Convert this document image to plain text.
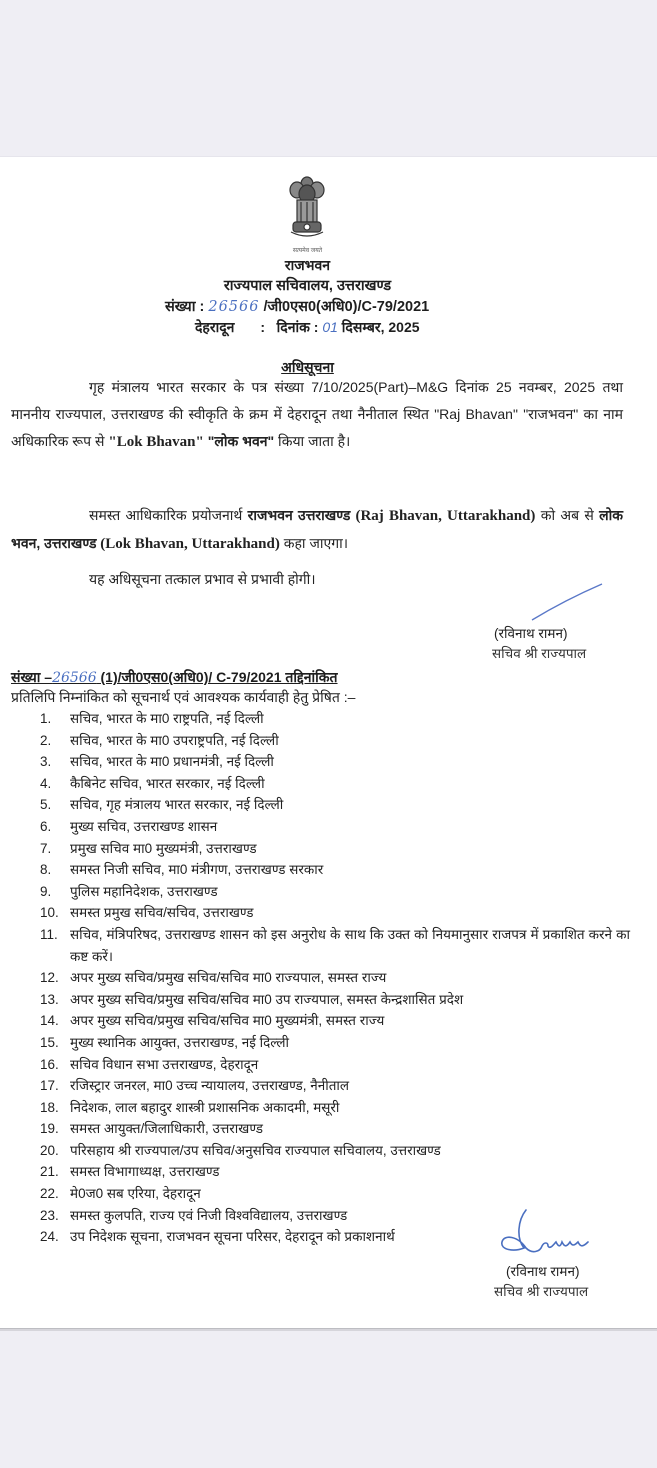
सत्यमेव जयते
राजभवन
राज्यपाल सचिवालय, उत्तराखण्ड
संख्या : 26566 /जी0एस0(अधि0)/C-79/2021
देहरादून : दिनांक : 01 दिसम्बर, 2025
अधिसूचना
गृह मंत्रालय भारत सरकार के पत्र संख्या 7/10/2025(Part)–M&G दिनांक 25 नवम्बर, 2025 तथा माननीय राज्यपाल, उत्तराखण्ड की स्वीकृति के क्रम में देहरादून तथा नैनीताल स्थित "Raj Bhavan" "राजभवन" का नाम अधिकारिक रूप से "Lok Bhavan" "लोक भवन" किया जाता है।
समस्त आधिकारिक प्रयोजनार्थ राजभवन उत्तराखण्ड (Raj Bhavan, Uttarakhand) को अब से लोक भवन, उत्तराखण्ड (Lok Bhavan, Uttarakhand) कहा जाएगा।
यह अधिसूचना तत्काल प्रभाव से प्रभावी होगी।
(रविनाथ रामन)
सचिव श्री राज्यपाल
संख्या –26566 (1)/जी0एस0(अधि0)/ C-79/2021 तद्दिनांकित
प्रतिलिपि निम्नांकित को सूचनार्थ एवं आवश्यक कार्यवाही हेतु प्रेषित :–
1.	सचिव, भारत के मा0 राष्ट्रपति, नई दिल्ली
2.	सचिव, भारत के मा0 उपराष्ट्रपति, नई दिल्ली
3.	सचिव, भारत के मा0 प्रधानमंत्री, नई दिल्ली
4.	कैबिनेट सचिव, भारत सरकार, नई दिल्ली
5.	सचिव, गृह मंत्रालय भारत सरकार, नई दिल्ली
6.	मुख्य सचिव, उत्तराखण्ड शासन
7.	प्रमुख सचिव मा0 मुख्यमंत्री, उत्तराखण्ड
8.	समस्त निजी सचिव, मा0 मंत्रीगण, उत्तराखण्ड सरकार
9.	पुलिस महानिदेशक, उत्तराखण्ड
10. समस्त प्रमुख सचिव/सचिव, उत्तराखण्ड
11. सचिव, मंत्रिपरिषद, उत्तराखण्ड शासन को इस अनुरोध के साथ कि उक्त को नियमानुसार राजपत्र में प्रकाशित करने का कष्ट करें।
12. अपर मुख्य सचिव/प्रमुख सचिव/सचिव मा0 राज्यपाल, समस्त राज्य
13. अपर मुख्य सचिव/प्रमुख सचिव/सचिव मा0 उप राज्यपाल, समस्त केन्द्रशासित प्रदेश
14. अपर मुख्य सचिव/प्रमुख सचिव/सचिव मा0 मुख्यमंत्री, समस्त राज्य
15. मुख्य स्थानिक आयुक्त, उत्तराखण्ड, नई दिल्ली
16. सचिव विधान सभा उत्तराखण्ड, देहरादून
17. रजिस्ट्रार जनरल, मा0 उच्च न्यायालय, उत्तराखण्ड, नैनीताल
18. निदेशक, लाल बहादुर शास्त्री प्रशासनिक अकादमी, मसूरी
19. समस्त आयुक्त/जिलाधिकारी, उत्तराखण्ड
20. परिसहाय श्री राज्यपाल/उप सचिव/अनुसचिव राज्यपाल सचिवालय, उत्तराखण्ड
21. समस्त विभागाध्यक्ष, उत्तराखण्ड
22. मे0ज0 सब एरिया, देहरादून
23. समस्त कुलपति, राज्य एवं निजी विश्वविद्यालय, उत्तराखण्ड
24. उप निदेशक सूचना, राजभवन सूचना परिसर, देहरादून को प्रकाशनार्थ
(रविनाथ रामन)
सचिव श्री राज्यपाल
